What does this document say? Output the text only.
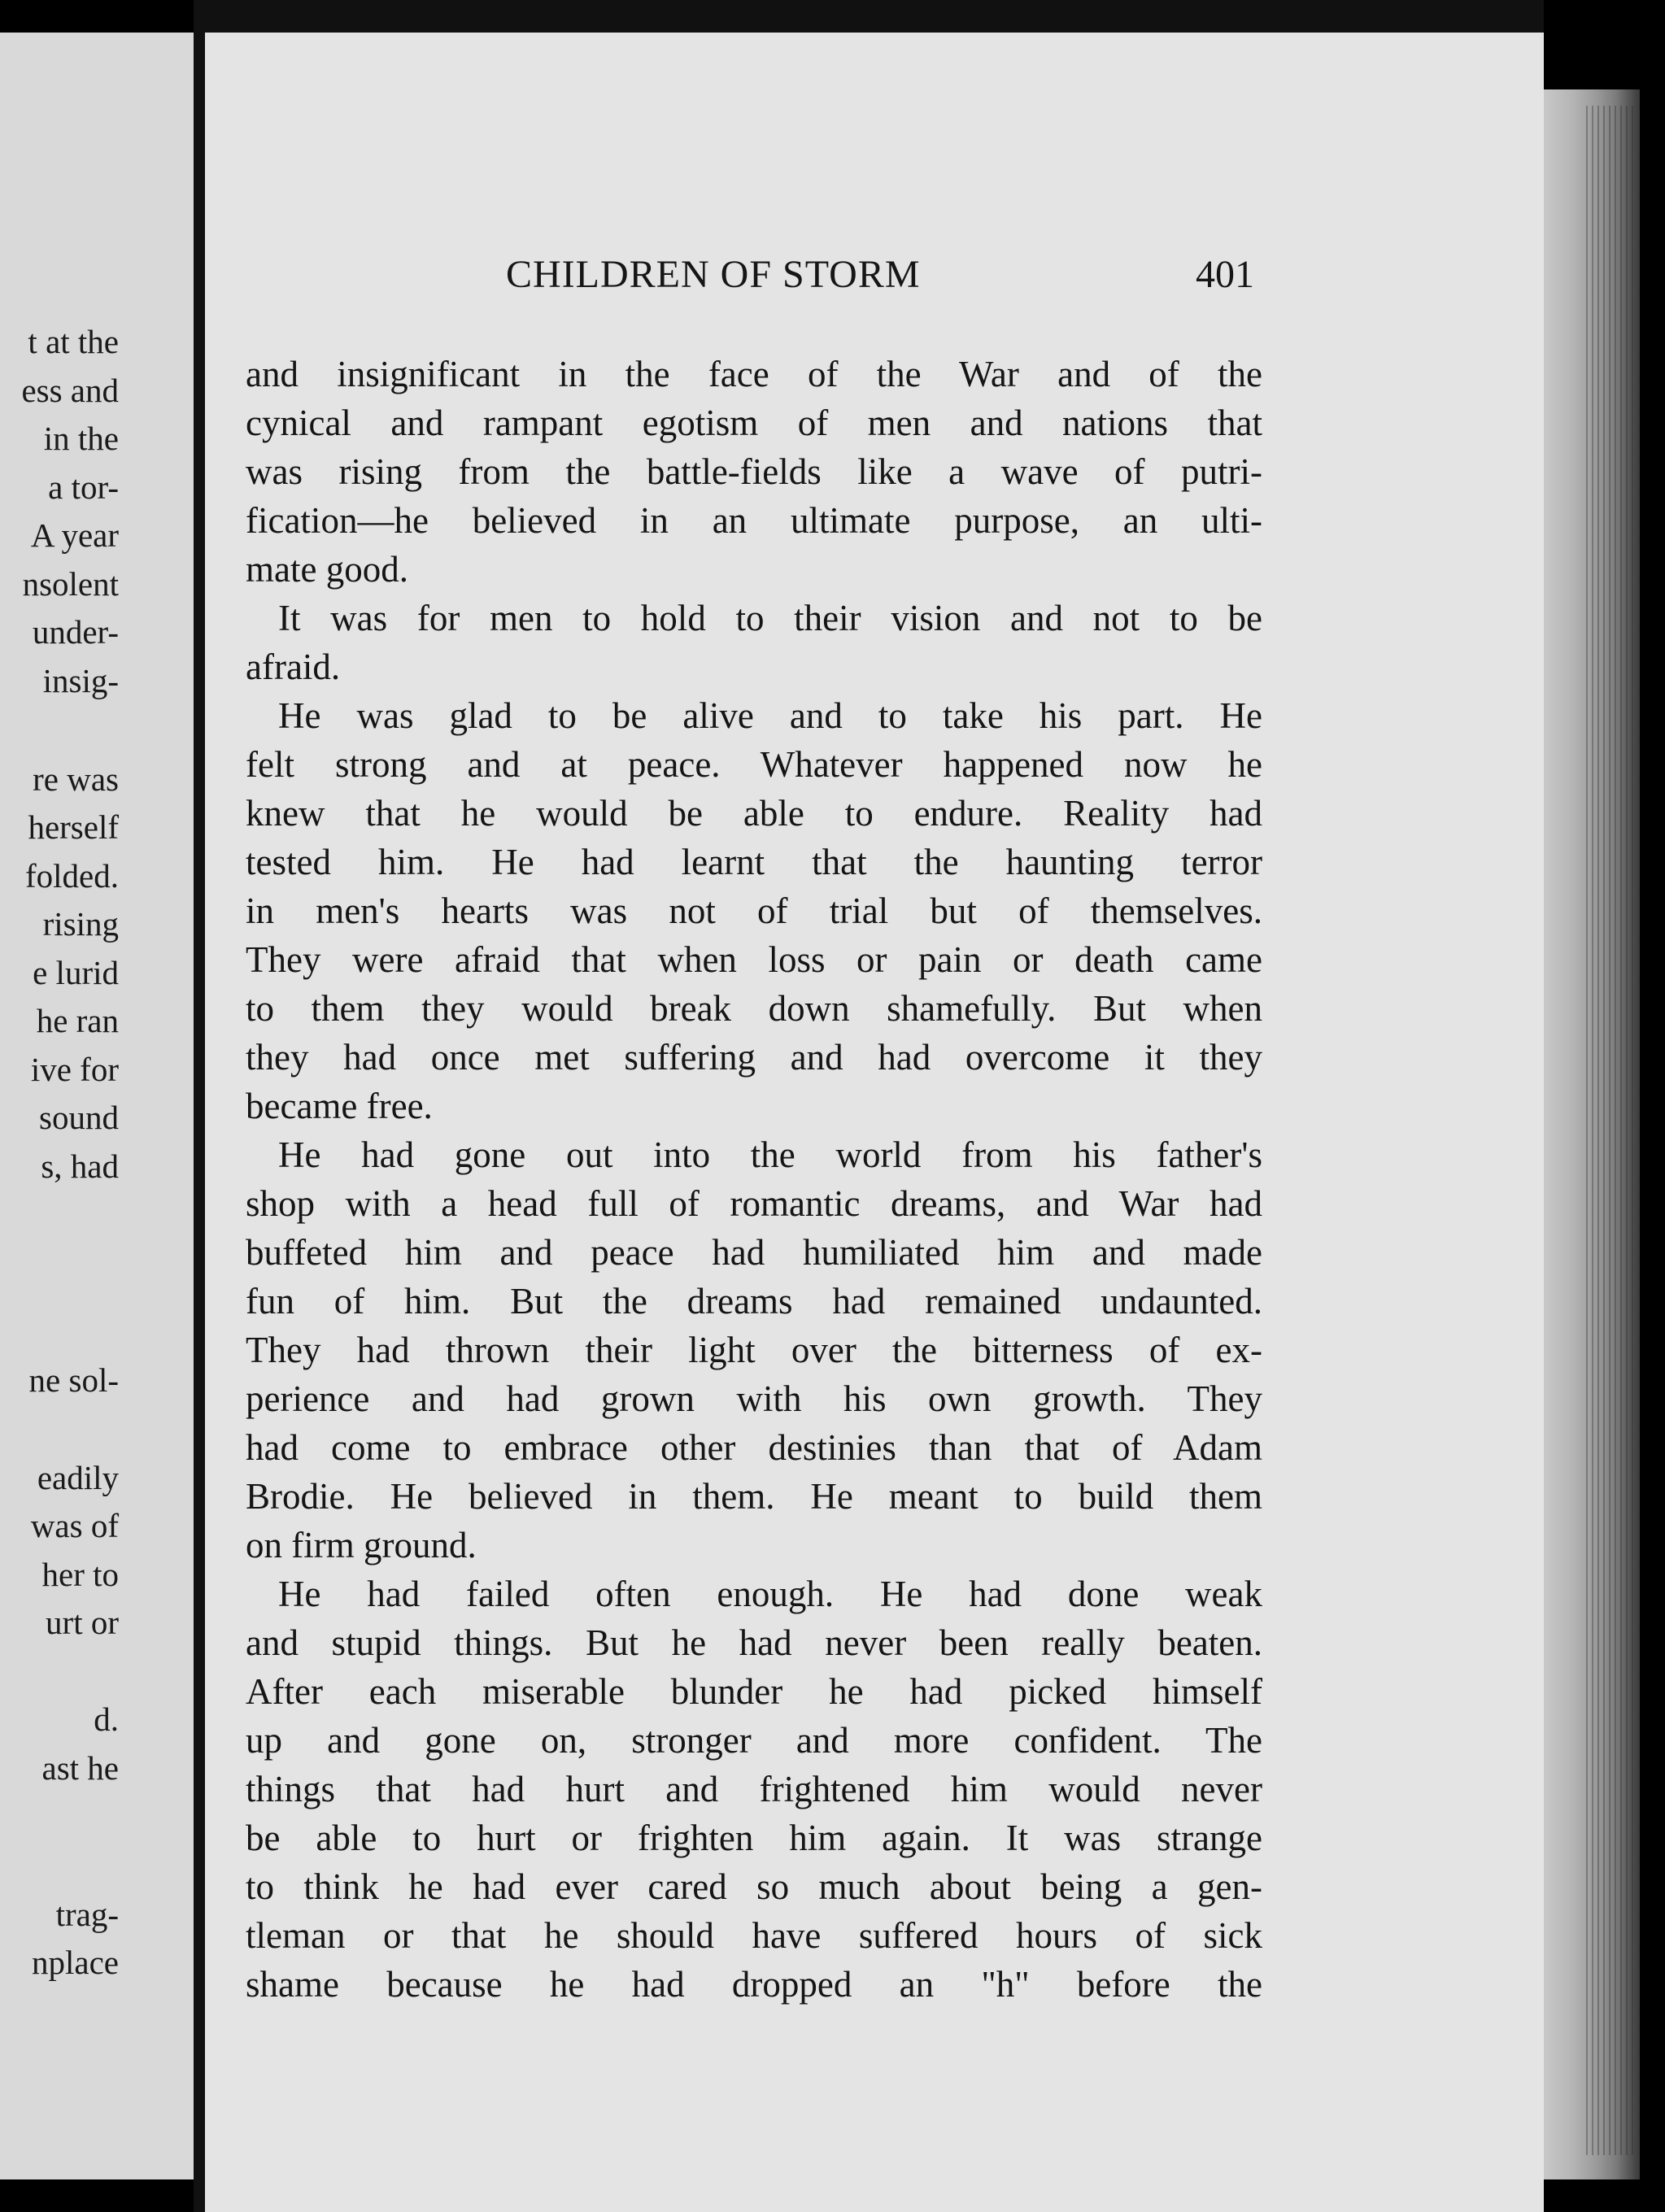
t at the

ess and

in the

a tor-

A year

nsolent

under-

insig-

re was

herself

folded.

rising

e lurid

he ran

ive for

sound

s, had

ne sol-

eadily

was of

her to

urt or

d.

ast he

trag-

nplace

CHILDREN OF STORM	401

and insignificant in the face of the War and of the

cynical and rampant egotism of men and nations that

was rising from the battle-fields like a wave of putri-

fication—he believed in an ultimate purpose, an ulti-

mate good.

It was for men to hold to their vision and not to be

afraid.

He was glad to be alive and to take his part. He

felt strong and at peace. Whatever happened now he

knew that he would be able to endure. Reality had

tested him. He had learnt that the haunting terror

in men's hearts was not of trial but of themselves.

They were afraid that when loss or pain or death came

to them they would break down shamefully. But when

they had once met suffering and had overcome it they

became free.

He had gone out into the world from his father's

shop with a head full of romantic dreams, and War had

buffeted him and peace had humiliated him and made

fun of him. But the dreams had remained undaunted.

They had thrown their light over the bitterness of ex-

perience and had grown with his own growth. They

had come to embrace other destinies than that of Adam

Brodie. He believed in them. He meant to build them

on firm ground.

He had failed often enough. He had done weak

and stupid things. But he had never been really beaten.

After each miserable blunder he had picked himself

up and gone on, stronger and more confident. The

things that had hurt and frightened him would never

be able to hurt or frighten him again. It was strange

to think he had ever cared so much about being a gen-

tleman or that he should have suffered hours of sick

shame because he had dropped an "h" before the
